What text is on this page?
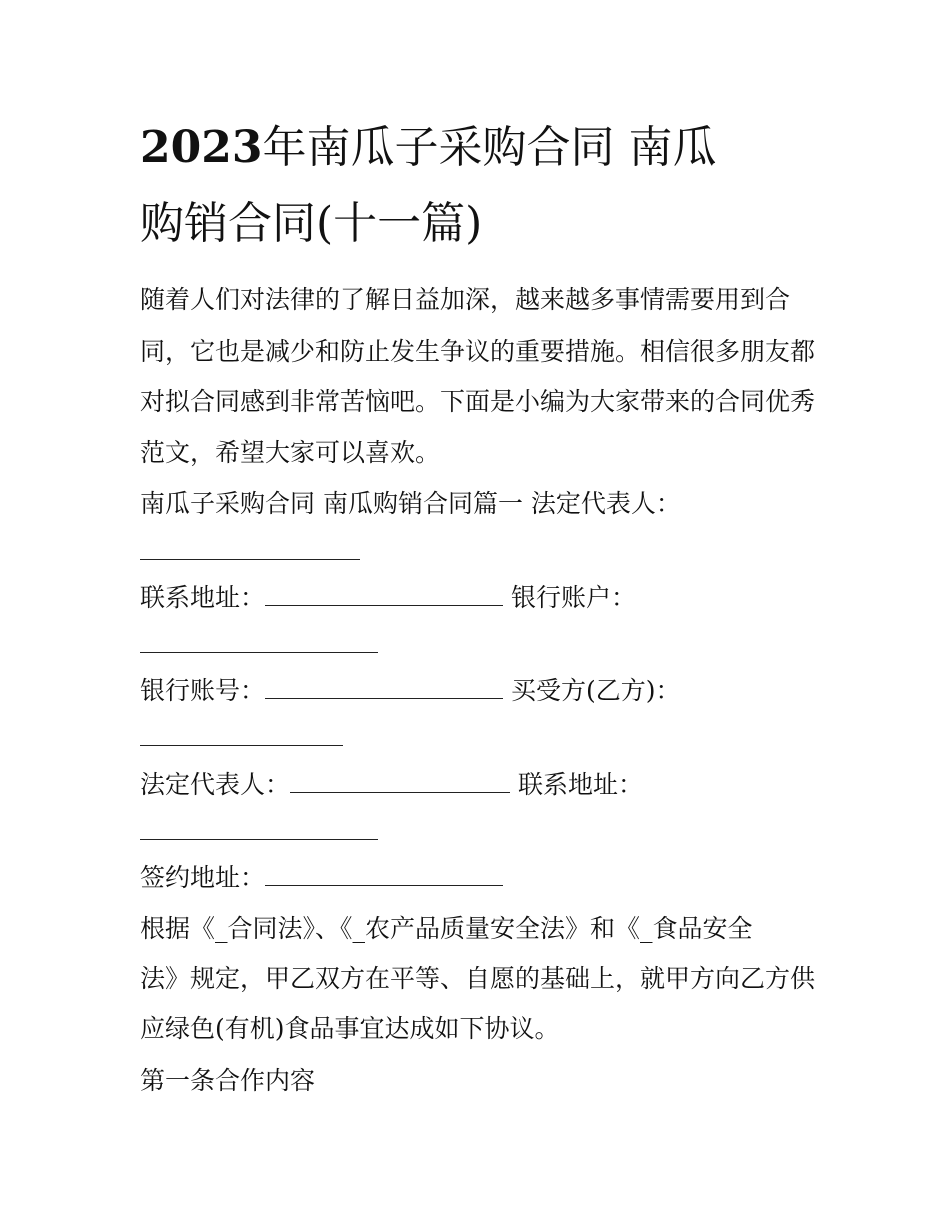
2023年南瓜子采购合同 南瓜
购销合同(十一篇)

随着人们对法律的了解日益加深，越来越多事情需要用到合

同，它也是减少和防止发生争议的重要措施。相信很多朋友都

对拟合同感到非常苦恼吧。下面是小编为大家带来的合同优秀

范文，希望大家可以喜欢。

南瓜子采购合同 南瓜购销合同篇一 法定代表人：

联系地址：	银行账户：

银行账号：	买受方(乙方)：

法定代表人：	联系地址：

签约地址：

根据《_合同法》、《_农产品质量安全法》和《_食品安全

法》规定，甲乙双方在平等、自愿的基础上，就甲方向乙方供

应绿色(有机)食品事宜达成如下协议。

第一条合作内容
